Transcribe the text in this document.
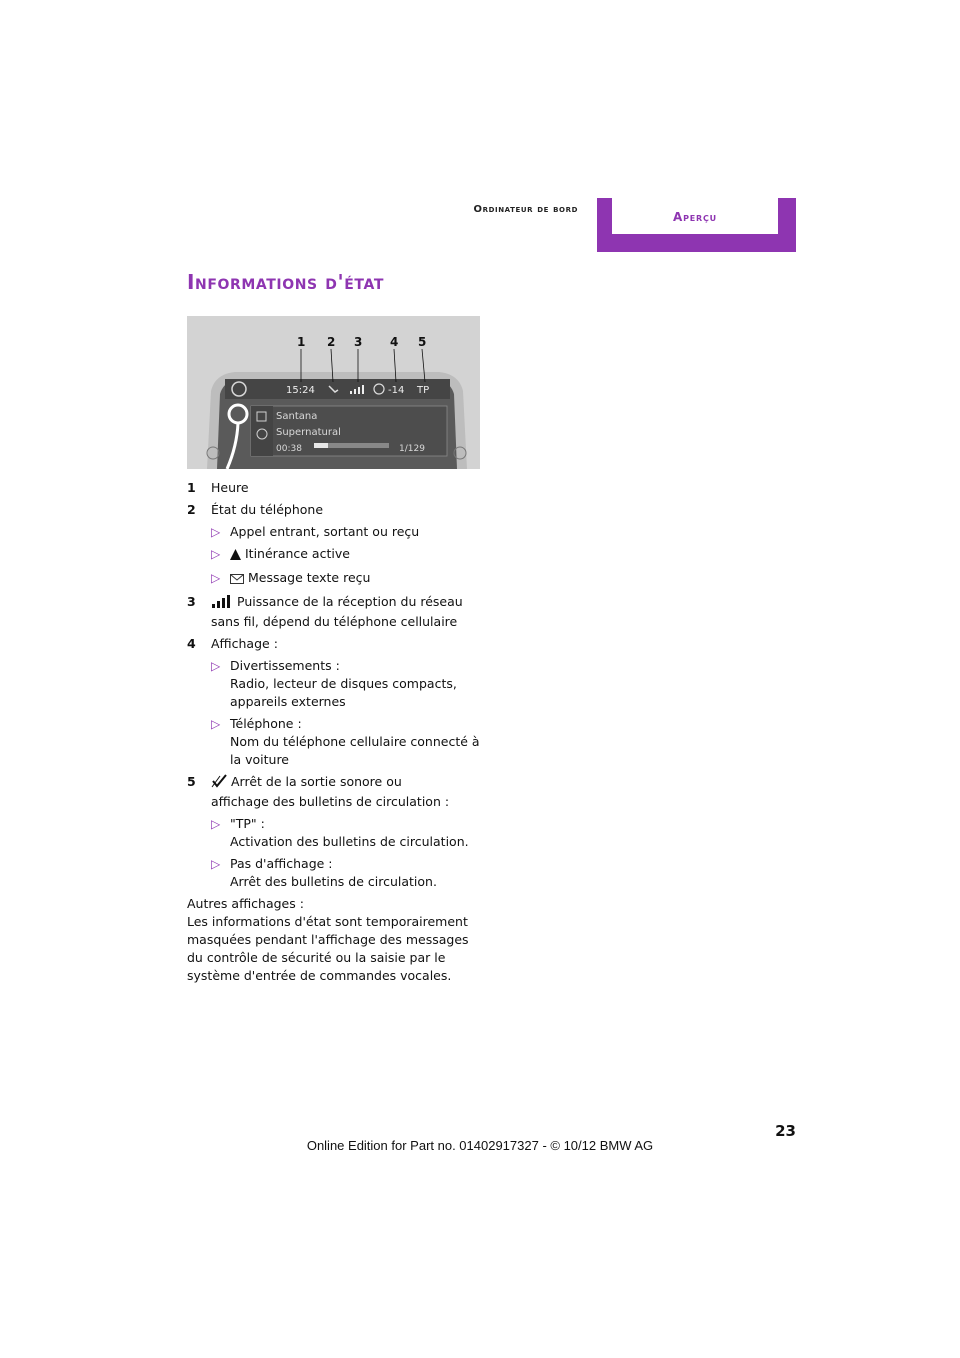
Ordinateur de bord
Aperçu
Informations d'état
15:24	-14 TP
1 2 3 4 5
Santana
Supernatural
00:38	1/129
1 Heure
2 État du téléphone
▷ Appel entrant, sortant ou reçu
▷ Itinérance active
▷ Message texte reçu
3	Puissance de la réception du réseau sans fil, dépend du téléphone cellulaire
4 Affichage :
▷ Divertissements :
Radio, lecteur de disques compacts, appareils externes
▷ Téléphone :
Nom du téléphone cellulaire connecté à la voiture
5	Arrêt de la sortie sonore ou
affichage des bulletins de circulation :
▷ "TP" :
Activation des bulletins de circulation.
▷ Pas d'affichage :
Arrêt des bulletins de circulation.
Autres affichages :
Les informations d'état sont temporairement masquées pendant l'affichage des messages du contrôle de sécurité ou la saisie par le système d'entrée de commandes vocales.
23
Online Edition for Part no. 01402917327 - © 10/12 BMW AG
